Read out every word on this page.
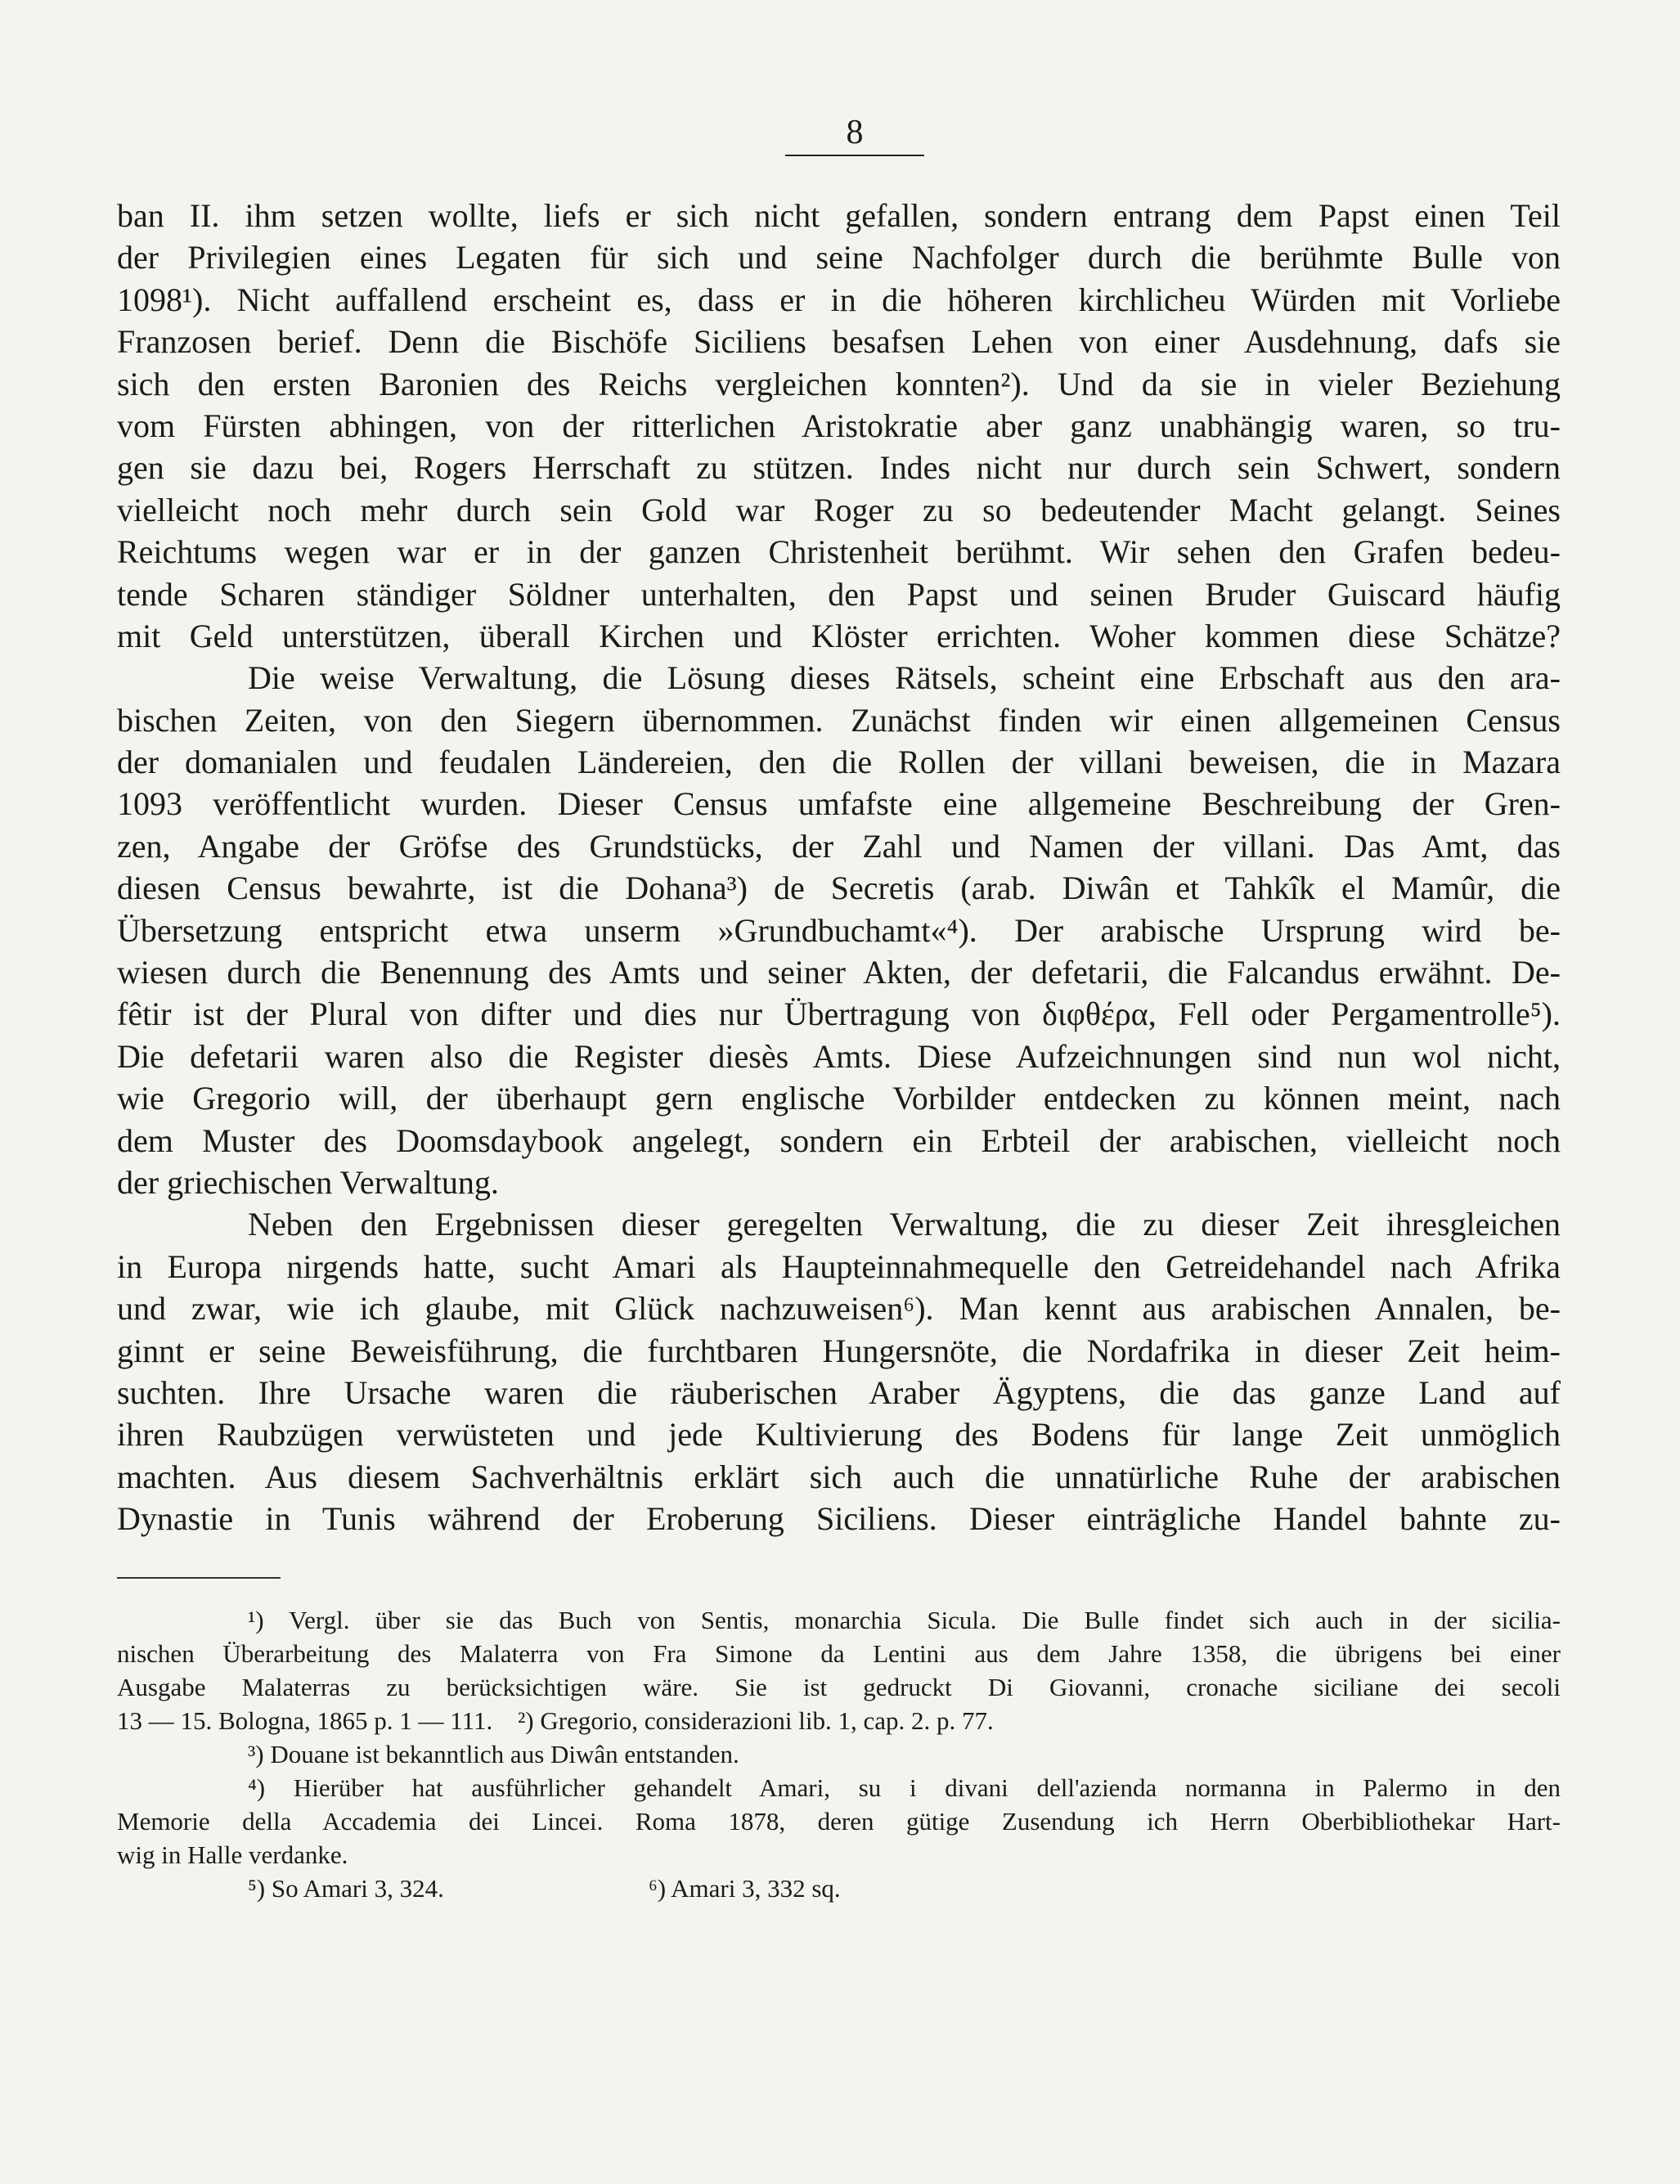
8
ban II. ihm setzen wollte, liefs er sich nicht gefallen, sondern entrang dem Papst einen Teil
der Privilegien eines Legaten für sich und seine Nachfolger durch die berühmte Bulle von
1098¹). Nicht auffallend erscheint es, dass er in die höheren kirchlicheu Würden mit Vorliebe
Franzosen berief. Denn die Bischöfe Siciliens besafsen Lehen von einer Ausdehnung, dafs sie
sich den ersten Baronien des Reichs vergleichen konnten²). Und da sie in vieler Beziehung
vom Fürsten abhingen, von der ritterlichen Aristokratie aber ganz unabhängig waren, so tru-
gen sie dazu bei, Rogers Herrschaft zu stützen. Indes nicht nur durch sein Schwert, sondern
vielleicht noch mehr durch sein Gold war Roger zu so bedeutender Macht gelangt. Seines
Reichtums wegen war er in der ganzen Christenheit berühmt. Wir sehen den Grafen bedeu-
tende Scharen ständiger Söldner unterhalten, den Papst und seinen Bruder Guiscard häufig
mit Geld unterstützen, überall Kirchen und Klöster errichten. Woher kommen diese Schätze?
Die weise Verwaltung, die Lösung dieses Rätsels, scheint eine Erbschaft aus den ara-
bischen Zeiten, von den Siegern übernommen. Zunächst finden wir einen allgemeinen Census
der domanialen und feudalen Ländereien, den die Rollen der villani beweisen, die in Mazara
1093 veröffentlicht wurden. Dieser Census umfafste eine allgemeine Beschreibung der Gren-
zen, Angabe der Gröfse des Grundstücks, der Zahl und Namen der villani. Das Amt, das
diesen Census bewahrte, ist die Dohana³) de Secretis (arab. Diwân et Tahkîk el Mamûr, die
Übersetzung entspricht etwa unserm »Grundbuchamt«⁴). Der arabische Ursprung wird be-
wiesen durch die Benennung des Amts und seiner Akten, der defetarii, die Falcandus erwähnt. De-
fêtir ist der Plural von difter und dies nur Übertragung von διφθέρα, Fell oder Pergamentrolle⁵).
Die defetarii waren also die Register diesès Amts. Diese Aufzeichnungen sind nun wol nicht,
wie Gregorio will, der überhaupt gern englische Vorbilder entdecken zu können meint, nach
dem Muster des Doomsdaybook angelegt, sondern ein Erbteil der arabischen, vielleicht noch
der griechischen Verwaltung.
Neben den Ergebnissen dieser geregelten Verwaltung, die zu dieser Zeit ihresgleichen
in Europa nirgends hatte, sucht Amari als Haupteinnahmequelle den Getreidehandel nach Afrika
und zwar, wie ich glaube, mit Glück nachzuweisen⁶). Man kennt aus arabischen Annalen, be-
ginnt er seine Beweisführung, die furchtbaren Hungersnöte, die Nordafrika in dieser Zeit heim-
suchten. Ihre Ursache waren die räuberischen Araber Ägyptens, die das ganze Land auf
ihren Raubzügen verwüsteten und jede Kultivierung des Bodens für lange Zeit unmöglich
machten. Aus diesem Sachverhältnis erklärt sich auch die unnatürliche Ruhe der arabischen
Dynastie in Tunis während der Eroberung Siciliens. Dieser einträgliche Handel bahnte zu-
¹) Vergl. über sie das Buch von Sentis, monarchia Sicula. Die Bulle findet sich auch in der sicilia-
nischen Überarbeitung des Malaterra von Fra Simone da Lentini aus dem Jahre 1358, die übrigens bei einer
Ausgabe Malaterras zu berücksichtigen wäre. Sie ist gedruckt Di Giovanni, cronache siciliane dei secoli
13 — 15. Bologna, 1865 p. 1 — 111. ²) Gregorio, considerazioni lib. 1, cap. 2. p. 77.
³) Douane ist bekanntlich aus Diwân entstanden.
⁴) Hierüber hat ausführlicher gehandelt Amari, su i divani dell'azienda normanna in Palermo in den
Memorie della Accademia dei Lincei. Roma 1878, deren gütige Zusendung ich Herrn Oberbibliothekar Hart-
wig in Halle verdanke.
⁵) So Amari 3, 324.	⁶) Amari 3, 332 sq.
